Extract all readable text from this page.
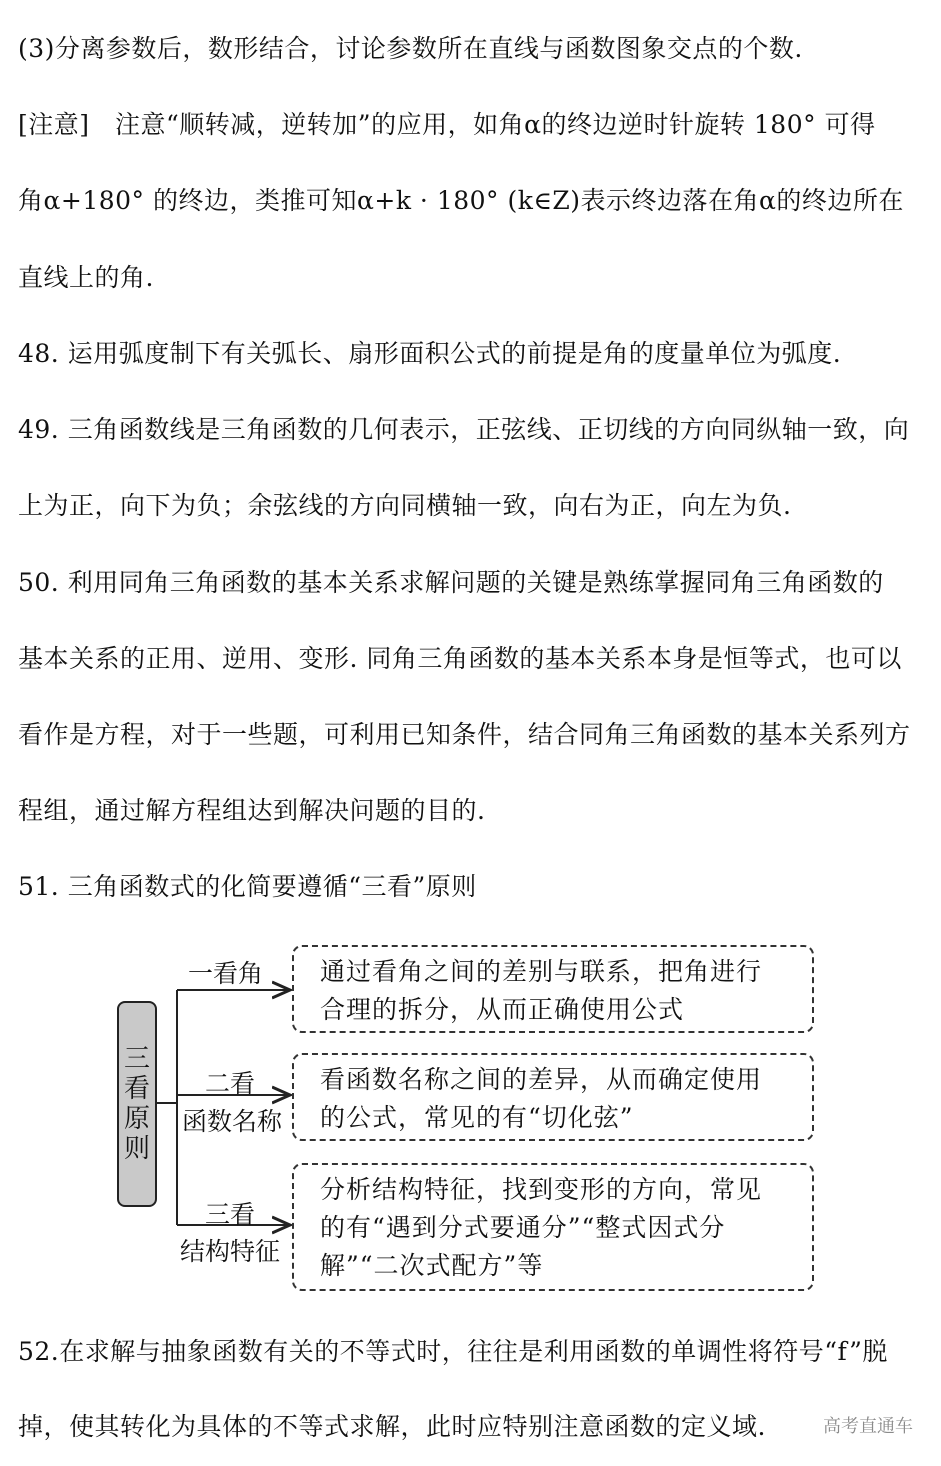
(3)分离参数后，数形结合，讨论参数所在直线与函数图象交点的个数.
[注意]　注意“顺转减，逆转加”的应用，如角α的终边逆时针旋转 180° 可得
角α+180° 的终边，类推可知α+k · 180° (k∈Z)表示终边落在角α的终边所在
直线上的角.
48. 运用弧度制下有关弧长、扇形面积公式的前提是角的度量单位为弧度.
49. 三角函数线是三角函数的几何表示，正弦线、正切线的方向同纵轴一致，向
上为正，向下为负；余弦线的方向同横轴一致，向右为正，向左为负.
50. 利用同角三角函数的基本关系求解问题的关键是熟练掌握同角三角函数的
基本关系的正用、逆用、变形. 同角三角函数的基本关系本身是恒等式，也可以
看作是方程，对于一些题，可利用已知条件，结合同角三角函数的基本关系列方
程组，通过解方程组达到解决问题的目的.
51. 三角函数式的化简要遵循“三看”原则
三
看
原
则
一看角
二看
函数名称
三看
结构特征
通过看角之间的差别与联系，把角进行
合理的拆分，从而正确使用公式
看函数名称之间的差异，从而确定使用
的公式，常见的有“切化弦”
分析结构特征，找到变形的方向，常见
的有“遇到分式要通分”“整式因式分
解”“二次式配方”等
52.在求解与抽象函数有关的不等式时，往往是利用函数的单调性将符号“f”脱
掉，使其转化为具体的不等式求解，此时应特别注意函数的定义域.	高考直通车
